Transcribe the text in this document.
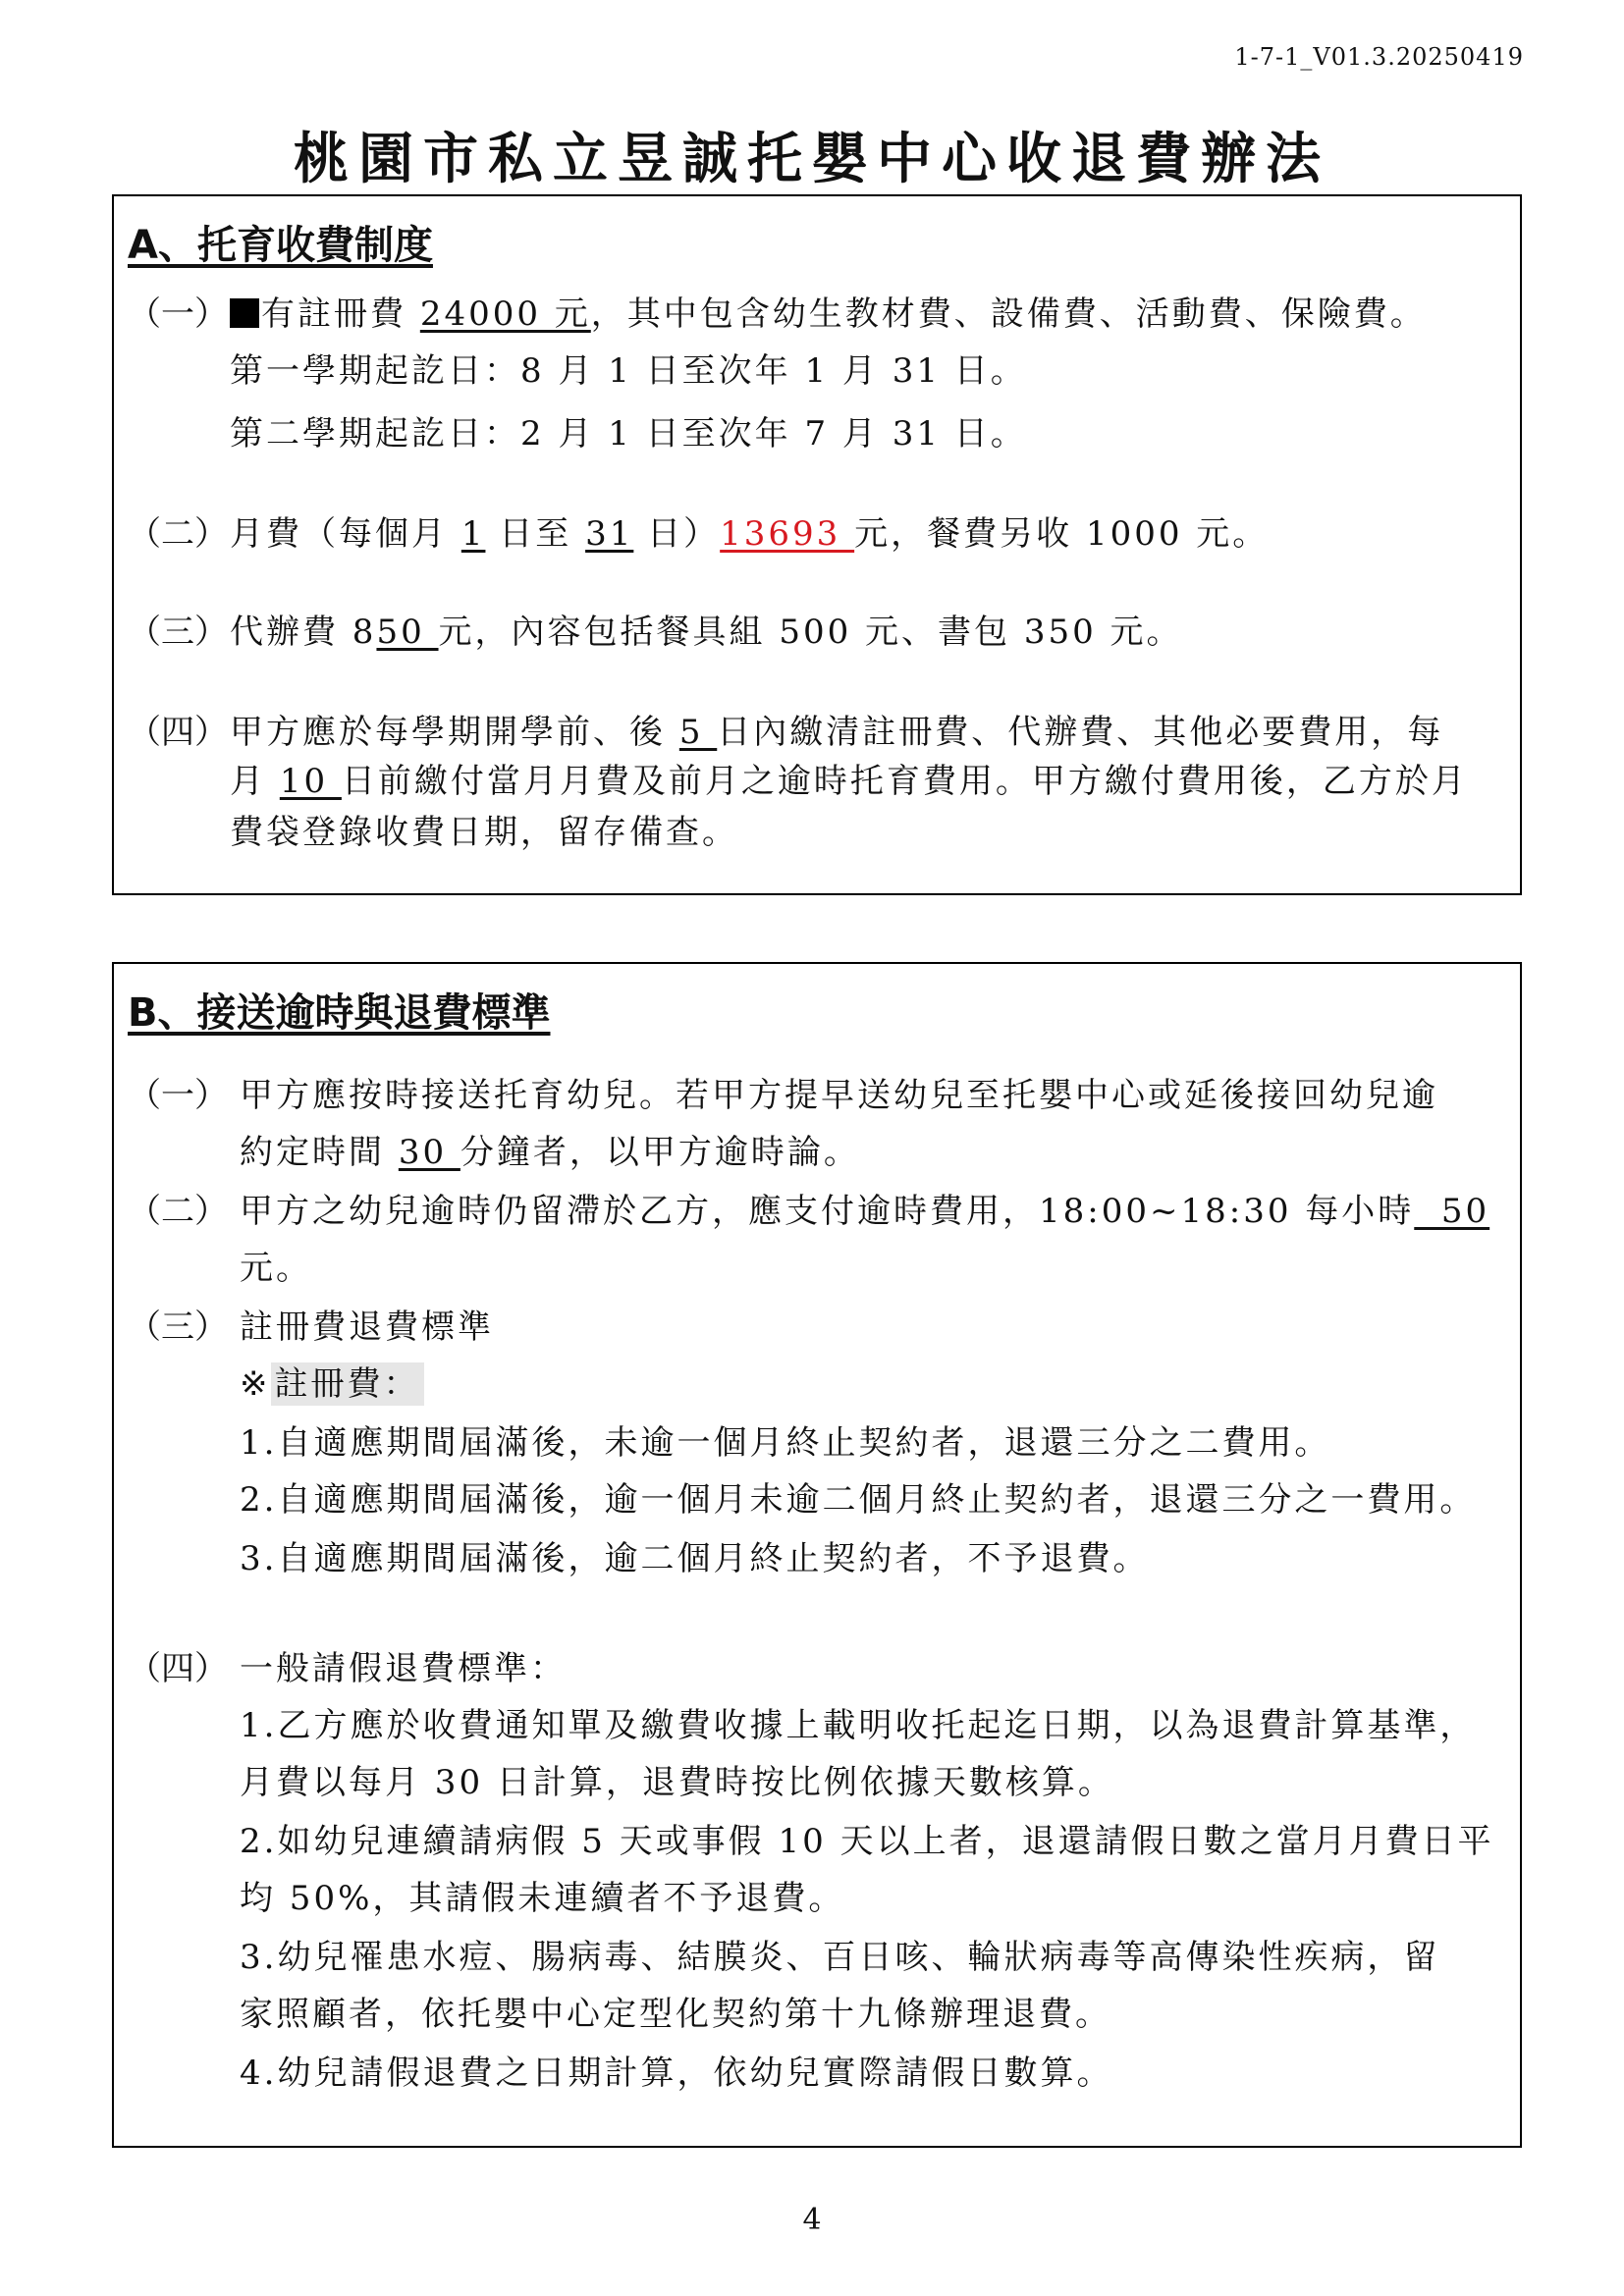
1-7-1_V01.3.20250419
桃園市私立昱誠托嬰中心收退費辦法
A、托育收費制度
（一）	有註冊費 24000 元，其中包含幼生教材費、設備費、活動費、保險費。
第一學期起訖日：8 月 1 日至次年 1 月 31 日。
第二學期起訖日：2 月 1 日至次年 7 月 31 日。
（二） 月費（每個月 1 日至 31 日）13693 元，餐費另收 1000 元。
（三） 代辦費 850 元，內容包括餐具組 500 元、書包 350 元。
（四） 甲方應於每學期開學前、後 5 日內繳清註冊費、代辦費、其他必要費用，每
月 10 日前繳付當月月費及前月之逾時托育費用。甲方繳付費用後，乙方於月
費袋登錄收費日期，留存備查。
B、接送逾時與退費標準
（一） 甲方應按時接送托育幼兒。若甲方提早送幼兒至托嬰中心或延後接回幼兒逾
約定時間 30 分鐘者，以甲方逾時論。
（二） 甲方之幼兒逾時仍留滯於乙方，應支付逾時費用，18:00~18:30 每小時  50
元。
（三） 註冊費退費標準
※ 註冊費：
1.自適應期間屆滿後，未逾一個月終止契約者，退還三分之二費用。
2.自適應期間屆滿後，逾一個月未逾二個月終止契約者，退還三分之一費用。
3.自適應期間屆滿後，逾二個月終止契約者，不予退費。
（四） 一般請假退費標準：
1.乙方應於收費通知單及繳費收據上載明收托起迄日期，以為退費計算基準，
月費以每月 30 日計算，退費時按比例依據天數核算。
2.如幼兒連續請病假 5 天或事假 10 天以上者，退還請假日數之當月月費日平
均 50%，其請假未連續者不予退費。
3.幼兒罹患水痘、腸病毒、結膜炎、百日咳、輪狀病毒等高傳染性疾病，留
家照顧者，依托嬰中心定型化契約第十九條辦理退費。
4.幼兒請假退費之日期計算，依幼兒實際請假日數算。
4
